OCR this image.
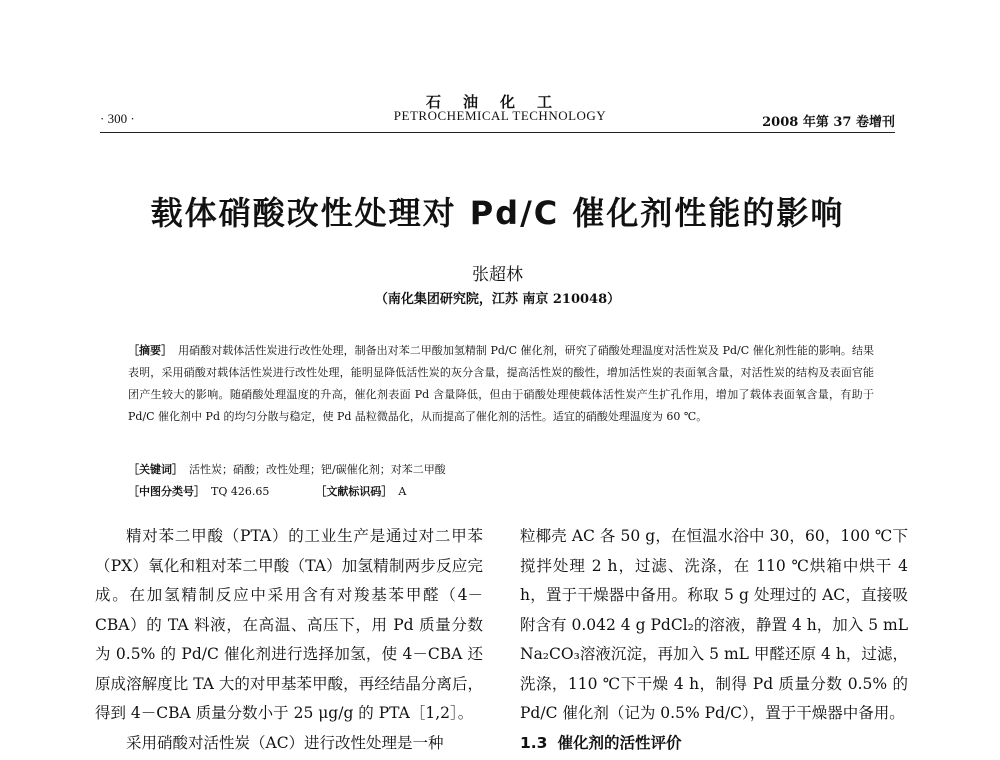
石油化工
· 300 ·	PETROCHEMICAL TECHNOLOGY	2008 年第 37 卷增刊
载体硝酸改性处理对 Pd/C 催化剂性能的影响
张超林
（南化集团研究院，江苏 南京 210048）
［摘要］ 用硝酸对载体活性炭进行改性处理，制备出对苯二甲酸加氢精制 Pd/C 催化剂，研究了硝酸处理温度对活性炭及 Pd/C 催化剂性能的影响。结果表明，采用硝酸对载体活性炭进行改性处理，能明显降低活性炭的灰分含量，提高活性炭的酸性，增加活性炭的表面氧含量，对活性炭的结构及表面官能团产生较大的影响。随硝酸处理温度的升高，催化剂表面 Pd 含量降低，但由于硝酸处理使载体活性炭产生扩孔作用，增加了载体表面氧含量，有助于 Pd/C 催化剂中 Pd 的均匀分散与稳定，使 Pd 晶粒微晶化，从而提高了催化剂的活性。适宜的硝酸处理温度为 60 ℃。
［关键词］ 活性炭；硝酸；改性处理；钯/碳催化剂；对苯二甲酸
［中图分类号］ TQ 426.65	［文献标识码］ A

精对苯二甲酸（PTA）的工业生产是通过对二甲苯（PX）氧化和粗对苯二甲酸（TA）加氢精制两步反应完成。在加氢精制反应中采用含有对羧基苯甲醛（4－CBA）的 TA 料液，在高温、高压下，用 Pd 质量分数为 0.5% 的 Pd/C 催化剂进行选择加氢，使 4－CBA 还原成溶解度比 TA 大的对甲基苯甲酸，再经结晶分离后，得到 4－CBA 质量分数小于 25 μg/g 的 PTA［1,2］。

采用硝酸对活性炭（AC）进行改性处理是一种

粒椰壳 AC 各 50 g，在恒温水浴中 30，60，100 ℃下搅拌处理 2 h，过滤、洗涤，在 110 ℃烘箱中烘干 4 h，置于干燥器中备用。称取 5 g 处理过的 AC，直接吸附含有 0.042 4 g PdCl₂的溶液，静置 4 h，加入 5 mL Na₂CO₃溶液沉淀，再加入 5 mL 甲醛还原 4 h，过滤，洗涤，110 ℃下干燥 4 h，制得 Pd 质量分数 0.5% 的 Pd/C 催化剂（记为 0.5% Pd/C），置于干燥器中备用。

1.3 催化剂的活性评价
